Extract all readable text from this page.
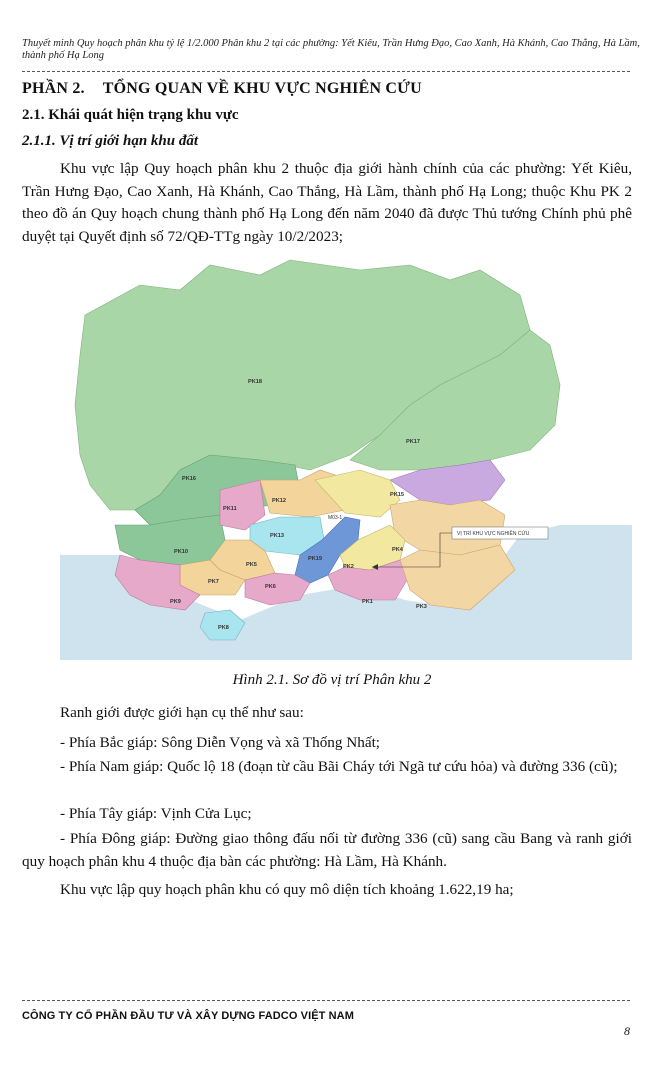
Thuyết minh Quy hoạch phân khu tỷ lệ 1/2.000 Phân khu 2 tại các phường: Yết Kiêu, Trần Hưng Đạo, Cao Xanh, Hà Khánh, Cao Thắng, Hà Lầm, thành phố Hạ Long
PHẦN 2. TỔNG QUAN VỀ KHU VỰC NGHIÊN CỨU
2.1. Khái quát hiện trạng khu vực
2.1.1. Vị trí giới hạn khu đất

Khu vực lập Quy hoạch phân khu 2 thuộc địa giới hành chính của các phường: Yết Kiêu, Trần Hưng Đạo, Cao Xanh, Hà Khánh, Cao Thắng, Hà Lầm, thành phố Hạ Long; thuộc Khu PK 2 theo đồ án Quy hoạch chung thành phố Hạ Long đến năm 2040 đã được Thủ tướng Chính phủ phê duyệt tại Quyết định số 72/QĐ-TTg ngày 10/2/2023;

PK18
PK17
PK16
PK15
PK12
PK11
PK13
PK4
PK10
PK19
PK5	PK2
PK7
PK6
PK9	PK1
PK3
PK8
M03-1
VỊ TRÍ KHU VỰC NGHIÊN CỨU
Hình 2.1. Sơ đồ vị trí Phân khu 2

Ranh giới được giới hạn cụ thể như sau:

- Phía Bắc giáp: Sông Diễn Vọng và xã Thống Nhất;

- Phía Nam giáp: Quốc lộ 18 (đoạn từ cầu Bãi Cháy tới Ngã tư cứu hỏa) và đường 336 (cũ);

- Phía Tây giáp: Vịnh Cửa Lục;

- Phía Đông giáp: Đường giao thông đấu nối từ đường 336 (cũ) sang cầu Bang và ranh giới quy hoạch phân khu 4 thuộc địa bàn các phường: Hà Lầm, Hà Khánh.

Khu vực lập quy hoạch phân khu có quy mô diện tích khoảng 1.622,19 ha;

CÔNG TY CỔ PHẦN ĐẦU TƯ VÀ XÂY DỰNG FADCO VIỆT NAM
8
